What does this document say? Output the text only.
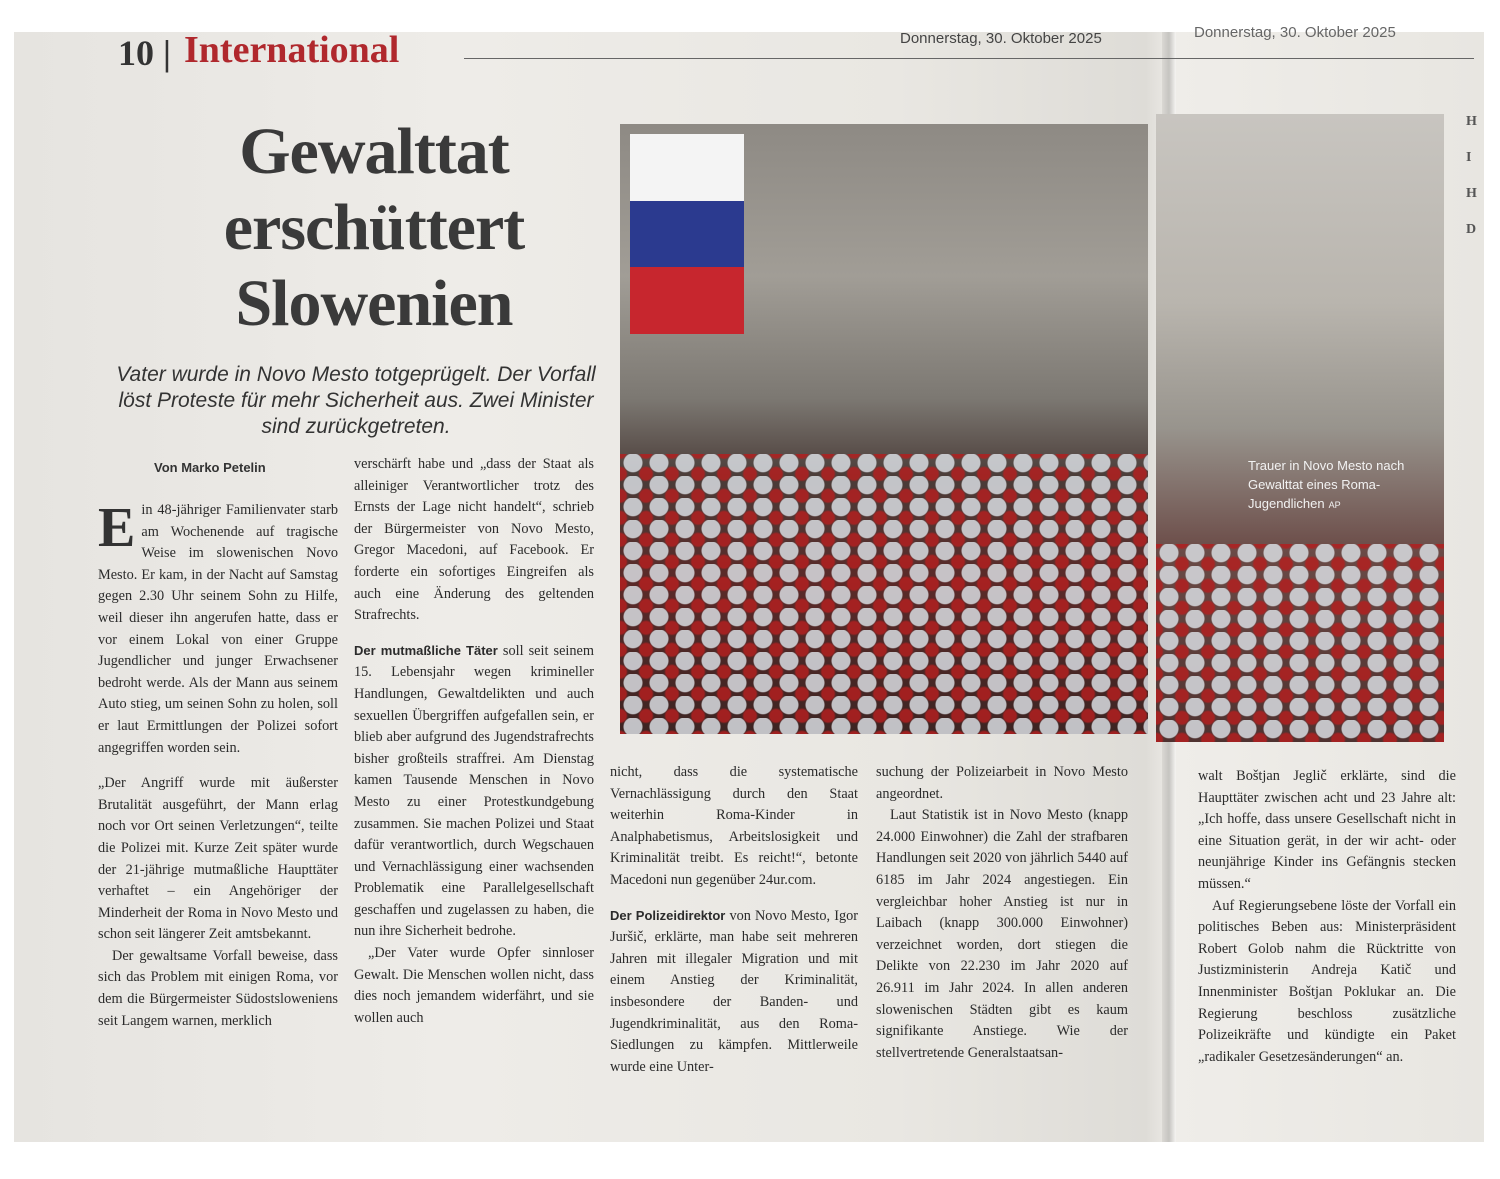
10 | International	Donnerstag, 30. Oktober 2025	Donnerstag, 30. Oktober 2025
Gewalttat
erschüttert
Slowenien
Vater wurde in Novo Mesto totgeprügelt. Der Vorfall löst Proteste für mehr Sicherheit aus. Zwei Minister sind zurückgetreten.
Von Marko Petelin

Ein 48-jähriger Familienvater starb am Wochenende auf tragische Weise im slowenischen Novo Mesto. Er kam, in der Nacht auf Samstag gegen 2.30 Uhr seinem Sohn zu Hilfe, weil dieser ihn angerufen hatte, dass er vor einem Lokal von einer Gruppe Jugendlicher und junger Erwachsener bedroht werde. Als der Mann aus seinem Auto stieg, um seinen Sohn zu holen, soll er laut Ermittlungen der Polizei sofort angegriffen worden sein.

„Der Angriff wurde mit äußerster Brutalität ausgeführt, der Mann erlag noch vor Ort seinen Verletzungen“, teilte die Polizei mit. Kurze Zeit später wurde der 21-jährige mutmaßliche Haupttäter verhaftet – ein Angehöriger der Minderheit der Roma in Novo Mesto und schon seit längerer Zeit amtsbekannt.

Der gewaltsame Vorfall beweise, dass sich das Problem mit einigen Roma, vor dem die Bürgermeister Südostsloweniens seit Langem warnen, merklich

verschärft habe und „dass der Staat als alleiniger Verantwortlicher trotz des Ernsts der Lage nicht handelt“, schrieb der Bürgermeister von Novo Mesto, Gregor Macedoni, auf Facebook. Er forderte ein sofortiges Eingreifen als auch eine Änderung des geltenden Strafrechts.

Der mutmaßliche Täter soll seit seinem 15. Lebensjahr wegen krimineller Handlungen, Gewaltdelikten und auch sexuellen Übergriffen aufgefallen sein, er blieb aber aufgrund des Jugendstrafrechts bisher großteils straffrei. Am Dienstag kamen Tausende Menschen in Novo Mesto zu einer Protestkundgebung zusammen. Sie machen Polizei und Staat dafür verantwortlich, durch Wegschauen und Vernachlässigung einer wachsenden Problematik eine Parallelgesellschaft geschaffen und zugelassen zu haben, die nun ihre Sicherheit bedrohe.

„Der Vater wurde Opfer sinnloser Gewalt. Die Menschen wollen nicht, dass dies noch jemandem widerfährt, und sie wollen auch

nicht, dass die systematische Vernachlässigung durch den Staat weiterhin Roma-Kinder in Analphabetismus, Arbeitslosigkeit und Kriminalität treibt. Es reicht!“, betonte Macedoni nun gegenüber 24ur.com.

Der Polizeidirektor von Novo Mesto, Igor Juršič, erklärte, man habe seit mehreren Jahren mit illegaler Migration und mit einem Anstieg der Kriminalität, insbesondere der Banden- und Jugendkriminalität, aus den Roma-Siedlungen zu kämpfen. Mittlerweile wurde eine Unter-

suchung der Polizeiarbeit in Novo Mesto angeordnet.

Laut Statistik ist in Novo Mesto (knapp 24.000 Einwohner) die Zahl der strafbaren Handlungen seit 2020 von jährlich 5440 auf 6185 im Jahr 2024 angestiegen. Ein vergleichbar hoher Anstieg ist nur in Laibach (knapp 300.000 Einwohner) verzeichnet worden, dort stiegen die Delikte von 22.230 im Jahr 2020 auf 26.911 im Jahr 2024. In allen anderen slowenischen Städten gibt es kaum signifikante Anstiege. Wie der stellvertretende Generalstaatsan-

walt Boštjan Jeglič erklärte, sind die Haupttäter zwischen acht und 23 Jahre alt: „Ich hoffe, dass unsere Gesellschaft nicht in eine Situation gerät, in der wir acht- oder neunjährige Kinder ins Gefängnis stecken müssen.“

Auf Regierungsebene löste der Vorfall ein politisches Beben aus: Ministerpräsident Robert Golob nahm die Rücktritte von Justizministerin Andreja Katič und Innenminister Boštjan Poklukar an. Die Regierung beschloss zusätzliche Polizeikräfte und kündigte ein Paket „radikaler Gesetzesänderungen“ an.

Trauer in Novo Mesto nach Gewalttat eines Roma-Jugendlichen AP
H
I
H
D
